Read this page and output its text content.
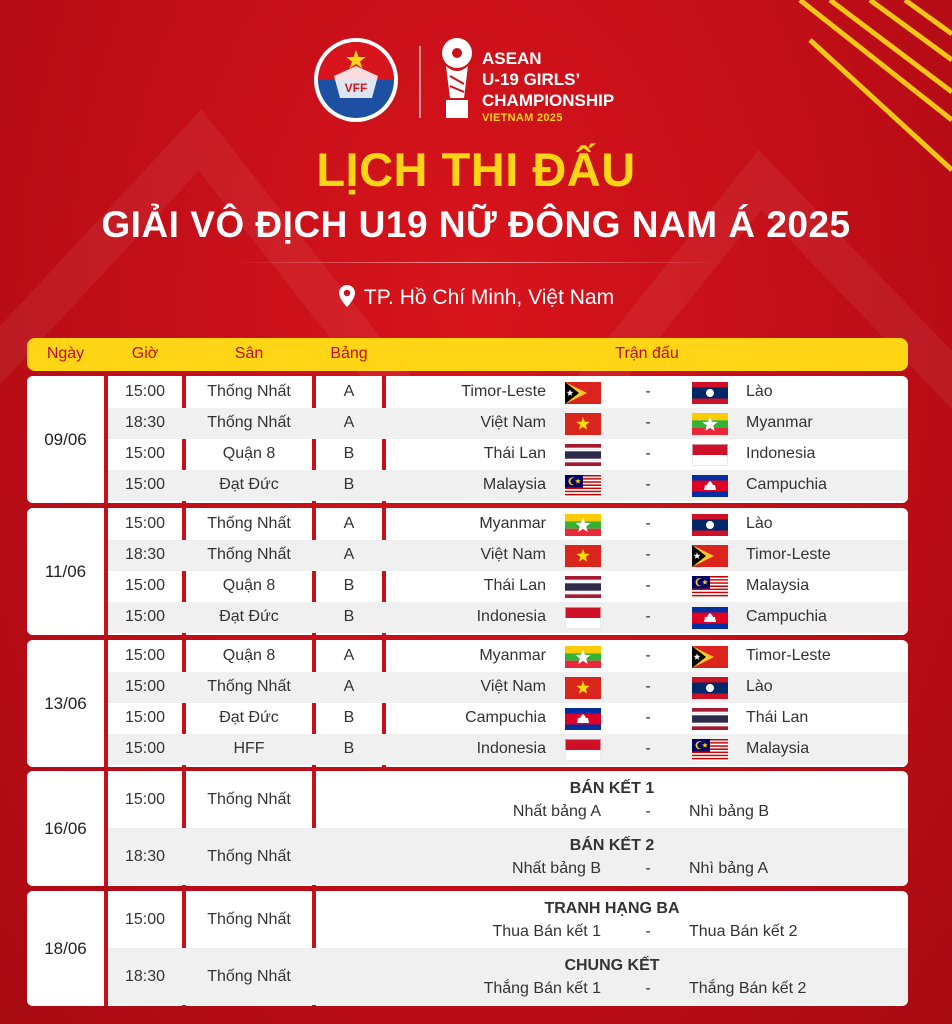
VFF
ASEAN
U-19 GIRLS’
CHAMPIONSHIP
VIETNAM 2025
LỊCH THI ĐẤU
GIẢI VÔ ĐỊCH U19 NỮ ĐÔNG NAM Á 2025
TP. Hồ Chí Minh, Việt Nam
Ngày	Giờ	Sân	Bảng	Trận đấu
09/06
15:00	Thống Nhất	A	Timor-Leste	-	Lào
18:30	Thống Nhất	A	Việt Nam	-	Myanmar
15:00	Quận 8	B	Thái Lan	-	Indonesia
15:00	Đạt Đức	B	Malaysia	-	Campuchia
11/06
15:00	Thống Nhất	A	Myanmar	-	Lào
18:30	Thống Nhất	A	Việt Nam	-	Timor-Leste
15:00	Quận 8	B	Thái Lan	-	Malaysia
15:00	Đạt Đức	B	Indonesia	-	Campuchia
13/06
15:00	Quận 8	A	Myanmar	-	Timor-Leste
15:00	Thống Nhất	A	Việt Nam	-	Lào
15:00	Đạt Đức	B	Campuchia	-	Thái Lan
15:00	HFF	B	Indonesia	-	Malaysia
16/06
15:00	Thống Nhất
BÁN KẾT 1
Nhất bảng A	- Nhì bảng B
18:30	Thống Nhất
BÁN KẾT 2
Nhất bảng B	- Nhì bảng A
18/06
15:00	Thống Nhất
TRANH HẠNG BA
Thua Bán kết 1	- Thua Bán kết 2
18:30	Thống Nhất
CHUNG KẾT
Thắng Bán kết 1	- Thắng Bán kết 2
